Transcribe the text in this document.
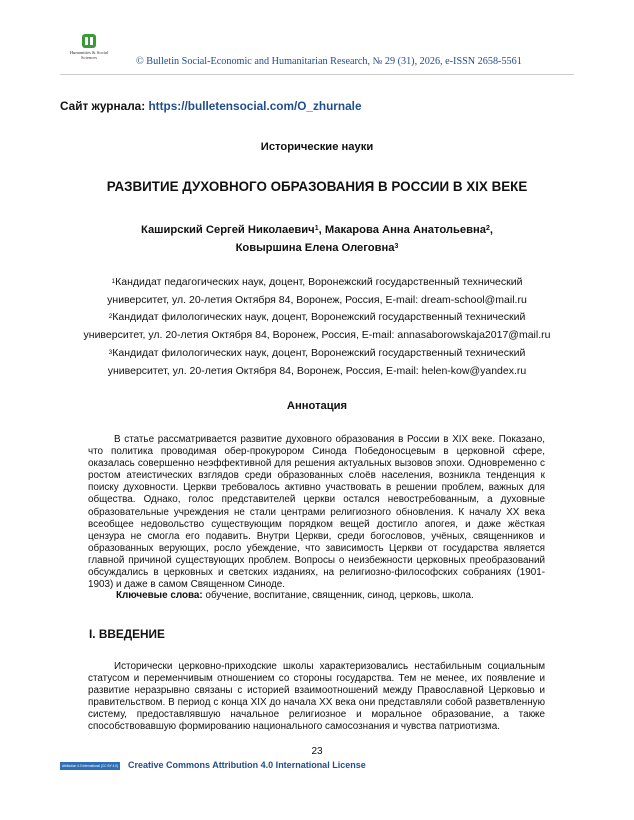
Humanities & Social Sciences	© Bulletin Social-Economic and Humanitarian Research, № 29 (31), 2026, e-ISSN 2658-5561
Сайт журнала: https://bulletensocial.com/O_zhurnale
Исторические науки
РАЗВИТИЕ ДУХОВНОГО ОБРАЗОВАНИЯ В РОССИИ В XIX ВЕКЕ
Каширский Сергей Николаевич$^1$, Макарова Анна Анатольевна$^2$,
Ковыршина Елена Олеговна$^3$
$^1$Кандидат педагогических наук, доцент, Воронежский государственный технический
университет, ул. 20-летия Октября 84, Воронеж, Россия, E-mail: dream-school@mail.ru
$^2$Кандидат филологических наук, доцент, Воронежский государственный технический
университет, ул. 20-летия Октября 84, Воронеж, Россия, E-mail: annasaborowskaja2017@mail.ru
$^3$Кандидат филологических наук, доцент, Воронежский государственный технический
университет, ул. 20-летия Октября 84, Воронеж, Россия, E-mail: helen-kow@yandex.ru
Аннотация

В статье рассматривается развитие духовного образования в России в XIX веке. Показано, что политика проводимая обер-прокурором Синода Победоносцевым в церковной сфере, оказалась совершенно неэффективной для решения актуальных вызовов эпохи. Одновременно с ростом атеистических взглядов среди образованных слоёв населения, возникла тенденция к поиску духовности. Церкви требовалось активно участвовать в решении проблем, важных для общества. Однако, голос представителей церкви остался невостребованным, а духовные образовательные учреждения не стали центрами религиозного обновления. К началу XX века всеобщее недовольство существующим порядком вещей достигло апогея, и даже жёсткая цензура не смогла его подавить. Внутри Церкви, среди богословов, учёных, священников и образованных верующих, росло убеждение, что зависимость Церкви от государства является главной причиной существующих проблем. Вопросы о неизбежности церковных преобразований обсуждались в церковных и светских изданиях, на религиозно-философских собраниях (1901-1903) и даже в самом Священном Синоде.

Ключевые слова: обучение, воспитание, священник, синод, церковь, школа.
I. ВВЕДЕНИЕ

Исторически церковно-приходские школы характеризовались нестабильным социальным статусом и переменчивым отношением со стороны государства. Тем не менее, их появление и развитие неразрывно связаны с историей взаимоотношений между Православной Церковью и правительством. В период с конца XIX до начала XX века они представляли собой разветвленную систему, предоставлявшую начальное религиозное и моральное образование, а также способствовавшую формированию национального самосознания и чувства патриотизма.

23
Attribution 4.0 International (CC BY 4.0) Creative Commons Attribution 4.0 International License
